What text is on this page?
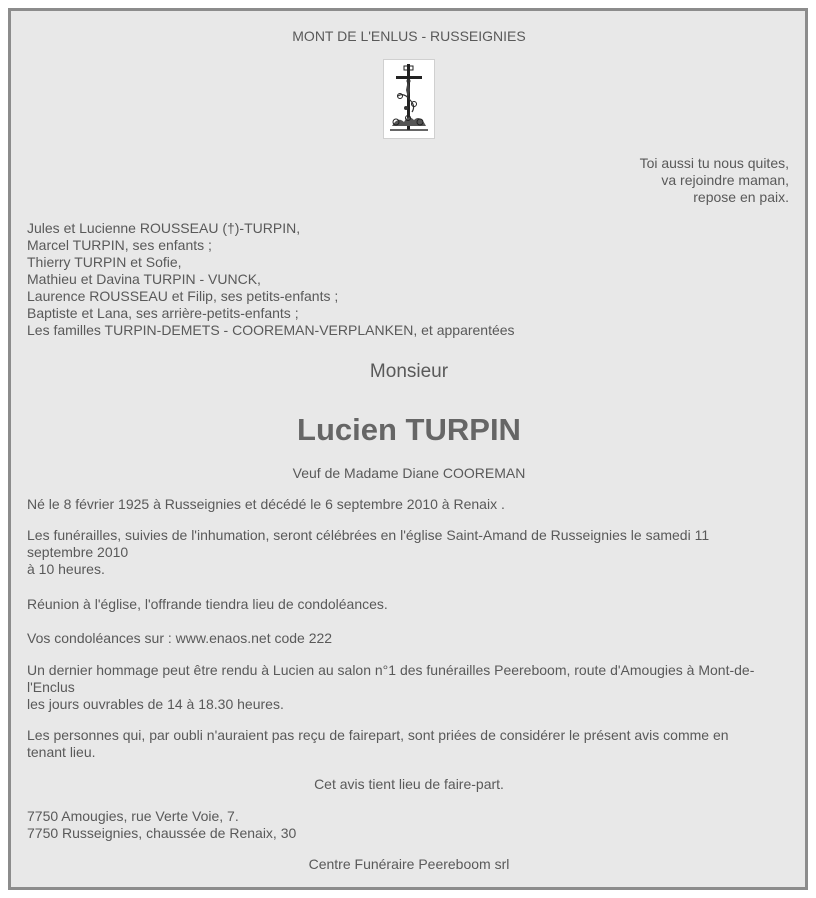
MONT DE L'ENLUS - RUSSEIGNIES
Toi aussi tu nous quites,
va rejoindre maman,
repose en paix.
Jules et Lucienne ROUSSEAU (†)-TURPIN,
Marcel TURPIN, ses enfants ;
Thierry TURPIN et Sofie,
Mathieu et Davina TURPIN - VUNCK,
Laurence ROUSSEAU et Filip, ses petits-enfants ;
Baptiste et Lana, ses arrière-petits-enfants ;
Les familles TURPIN-DEMETS - COOREMAN-VERPLANKEN, et apparentées
Monsieur
Lucien TURPIN
Veuf de Madame Diane COOREMAN
Né le 8 février 1925 à Russeignies et décédé le 6 septembre 2010 à Renaix .
Les funérailles, suivies de l'inhumation, seront célébrées en l'église Saint-Amand de Russeignies le samedi 11
septembre 2010
à 10 heures.
Réunion à l'église, l'offrande tiendra lieu de condoléances.
Vos condoléances sur : www.enaos.net code 222
Un dernier hommage peut être rendu à Lucien au salon n°1 des funérailles Peereboom, route d'Amougies à Mont-de-
l'Enclus
les jours ouvrables de 14 à 18.30 heures.
Les personnes qui, par oubli n'auraient pas reçu de fairepart, sont priées de considérer le présent avis comme en
tenant lieu.
Cet avis tient lieu de faire-part.
7750 Amougies, rue Verte Voie, 7.
7750 Russeignies, chaussée de Renaix, 30
Centre Funéraire Peereboom srl
